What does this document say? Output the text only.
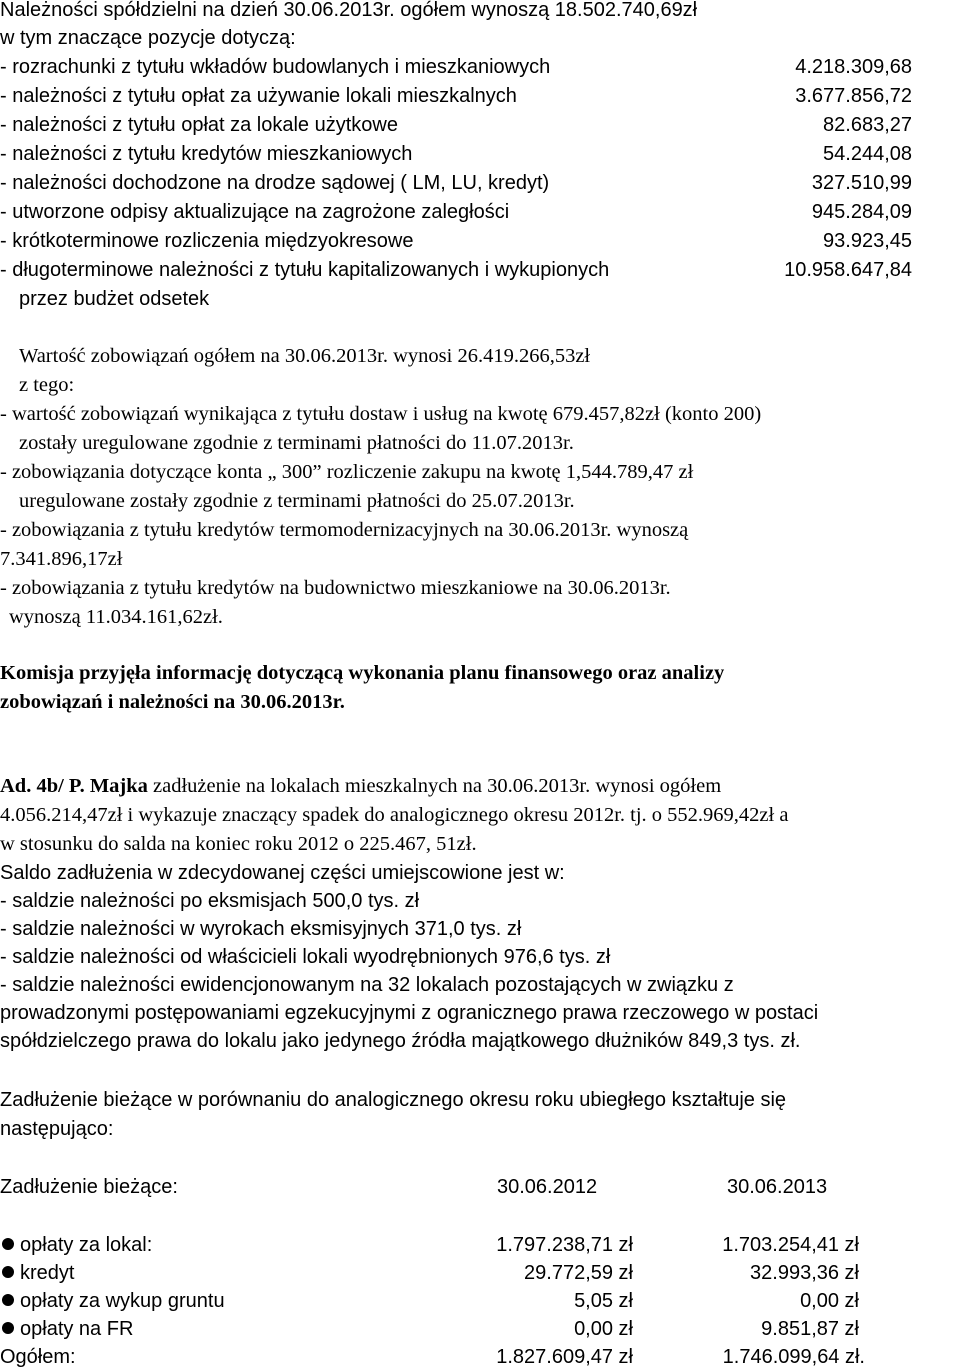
Należności spółdzielni na dzień 30.06.2013r. ogółem wynoszą 18.502.740,69zł
w tym znaczące pozycje dotyczą:
- rozrachunki z tytułu wkładów budowlanych i mieszkaniowych	4.218.309,68
- należności z tytułu opłat za używanie lokali mieszkalnych	3.677.856,72
- należności z tytułu opłat za lokale użytkowe	82.683,27
- należności z tytułu kredytów mieszkaniowych	54.244,08
- należności dochodzone na drodze sądowej ( LM, LU, kredyt)	327.510,99
- utworzone odpisy aktualizujące na zagrożone zaległości	945.284,09
- krótkoterminowe rozliczenia międzyokresowe	93.923,45
- długoterminowe należności z tytułu kapitalizowanych i wykupionych	10.958.647,84
przez budżet odsetek
Wartość zobowiązań ogółem na 30.06.2013r. wynosi 26.419.266,53zł
z tego:
- wartość zobowiązań wynikająca z tytułu dostaw i usług na kwotę 679.457,82zł (konto 200)
zostały uregulowane zgodnie z terminami płatności do 11.07.2013r.
- zobowiązania dotyczące konta „ 300” rozliczenie zakupu na kwotę 1,544.789,47 zł
uregulowane zostały zgodnie z terminami płatności do 25.07.2013r.
- zobowiązania z tytułu kredytów termomodernizacyjnych na 30.06.2013r. wynoszą
7.341.896,17zł
- zobowiązania z tytułu kredytów na budownictwo mieszkaniowe na 30.06.2013r.
wynoszą 11.034.161,62zł.
Komisja przyjęła informację dotyczącą wykonania planu finansowego oraz analizy
zobowiązań i należności na 30.06.2013r.
Ad. 4b/ P. Majka zadłużenie na lokalach mieszkalnych na 30.06.2013r. wynosi ogółem
4.056.214,47zł i wykazuje znaczący spadek do analogicznego okresu 2012r. tj. o 552.969,42zł a
w stosunku do salda na koniec roku 2012 o 225.467, 51zł.
Saldo zadłużenia w zdecydowanej części umiejscowione jest w:
- saldzie należności po eksmisjach 500,0 tys. zł
- saldzie należności w wyrokach eksmisyjnych 371,0 tys. zł
- saldzie należności od właścicieli lokali wyodrębnionych 976,6 tys. zł
- saldzie należności ewidencjonowanym na 32 lokalach pozostających w związku z
prowadzonymi postępowaniami egzekucyjnymi z ogranicznego prawa rzeczowego w postaci
spółdzielczego prawa do lokalu jako jedynego źródła majątkowego dłużników 849,3 tys. zł.
Zadłużenie bieżące w porównaniu do analogicznego okresu roku ubiegłego kształtuje się
następująco:
Zadłużenie bieżące:	30.06.2012	30.06.2013
opłaty za lokal:	1.797.238,71 zł	1.703.254,41 zł
kredyt	29.772,59 zł	32.993,36 zł
opłaty za wykup gruntu	5,05 zł	0,00 zł
opłaty na FR	0,00 zł	9.851,87 zł
Ogółem:	1.827.609,47 zł	1.746.099,64 zł.
